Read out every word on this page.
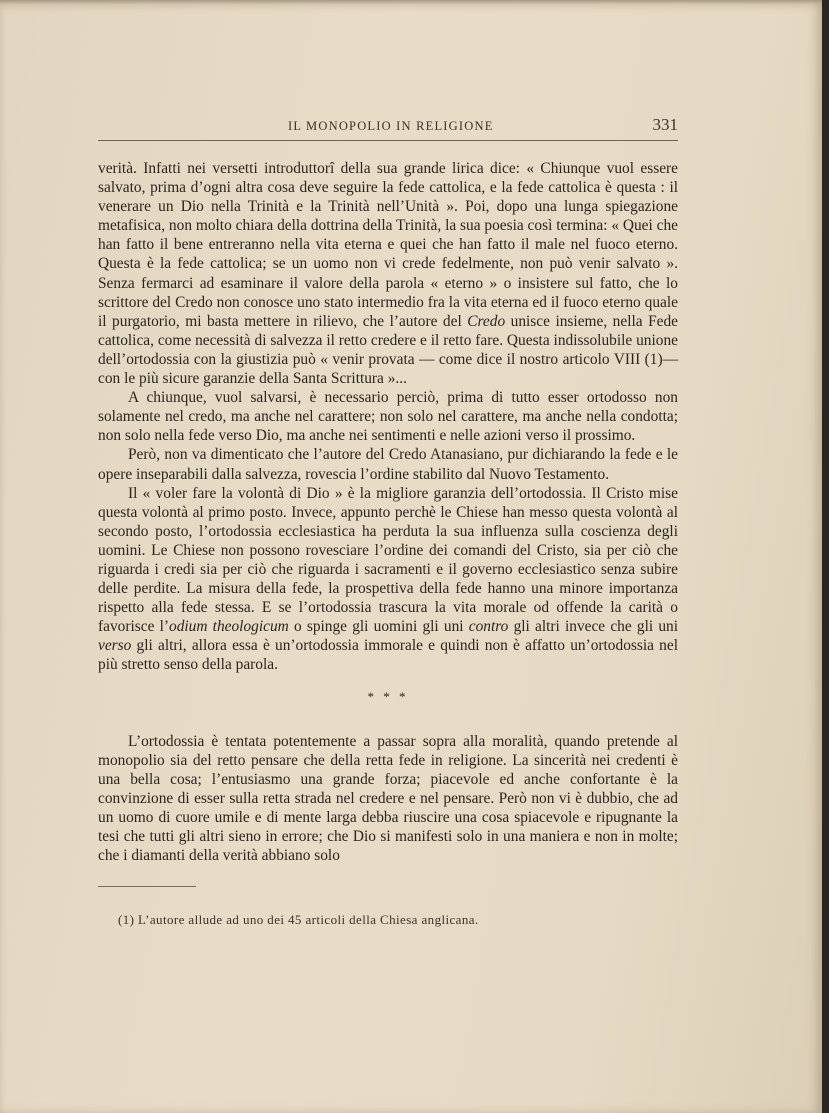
IL MONOPOLIO IN RELIGIONE	331

verità. Infatti nei versetti introduttorî della sua grande lirica dice: « Chiunque vuol essere salvato, prima d’ogni altra cosa deve seguire la fede cattolica, e la fede cattolica è questa : il venerare un Dio nella Trinità e la Trinità nell’Unità ». Poi, dopo una lunga spiegazione metafisica, non molto chiara della dottrina della Trinità, la sua poesia così termina: « Quei che han fatto il bene entreranno nella vita eterna e quei che han fatto il male nel fuoco eterno. Questa è la fede cattolica; se un uomo non vi crede fedelmente, non può venir salvato ». Senza fermarci ad esaminare il valore della parola « eterno » o insistere sul fatto, che lo scrittore del Credo non conosce uno stato intermedio fra la vita eterna ed il fuoco eterno quale il purgatorio, mi basta mettere in rilievo, che l’autore del Credo unisce insieme, nella Fede cattolica, come necessità di salvezza il retto credere e il retto fare. Questa indissolubile unione dell’ortodossia con la giustizia può « venir provata — come dice il nostro articolo VIII (1)— con le più sicure garanzie della Santa Scrittura »...

A chiunque, vuol salvarsi, è necessario perciò, prima di tutto esser ortodosso non solamente nel credo, ma anche nel carattere; non solo nel carattere, ma anche nella condotta; non solo nella fede verso Dio, ma anche nei sentimenti e nelle azioni verso il prossimo.

Però, non va dimenticato che l’autore del Credo Atanasiano, pur dichiarando la fede e le opere inseparabili dalla salvezza, rovescia l’ordine stabilito dal Nuovo Testamento.

Il « voler fare la volontà di Dio » è la migliore garanzia dell’ortodossia. Il Cristo mise questa volontà al primo posto. Invece, appunto perchè le Chiese han messo questa volontà al secondo posto, l’ortodossia ecclesiastica ha perduta la sua influenza sulla coscienza degli uomini. Le Chiese non possono rovesciare l’ordine dei comandi del Cristo, sia per ciò che riguarda i credi sia per ciò che riguarda i sacramenti e il governo ecclesiastico senza subire delle perdite. La misura della fede, la prospettiva della fede hanno una minore importanza rispetto alla fede stessa. E se l’ortodossia trascura la vita morale od offende la carità o favorisce l’odium theologicum o spinge gli uomini gli uni contro gli altri invece che gli uni verso gli altri, allora essa è un’ortodossia immorale e quindi non è affatto un’ortodossia nel più stretto senso della parola.

* * *

L’ortodossia è tentata potentemente a passar sopra alla moralità, quando pretende al monopolio sia del retto pensare che della retta fede in religione. La sincerità nei credenti è una bella cosa; l’entusiasmo una grande forza; piacevole ed anche confortante è la convinzione di esser sulla retta strada nel credere e nel pensare. Però non vi è dubbio, che ad un uomo di cuore umile e di mente larga debba riuscire una cosa spiacevole e ripugnante la tesi che tutti gli altri sieno in errore; che Dio si manifesti solo in una maniera e non in molte; che i diamanti della verità abbiano solo

(1) L’autore allude ad uno dei 45 articoli della Chiesa anglicana.
